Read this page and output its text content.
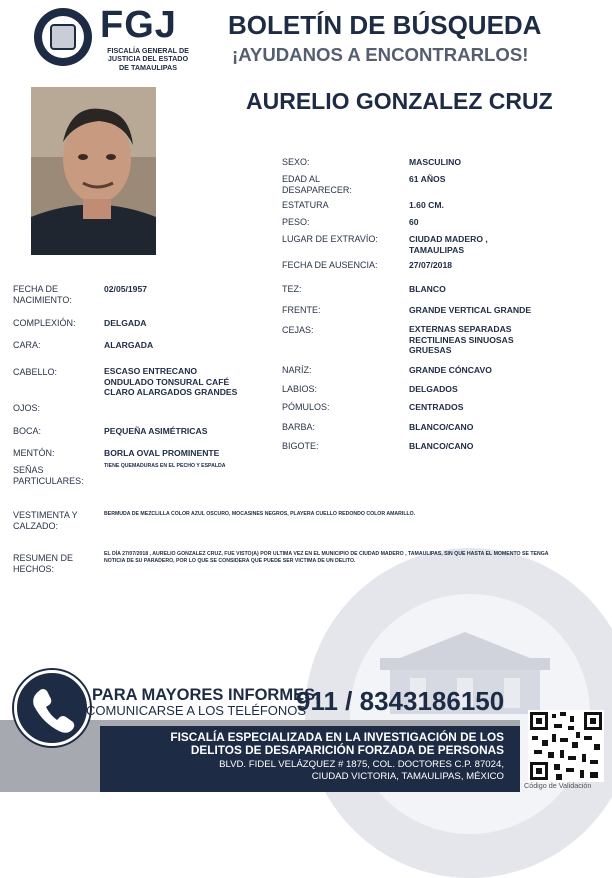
FGJ
FISCALÍA GENERAL DE
JUSTICIA DEL ESTADO
DE TAMAULIPAS
BOLETÍN DE BÚSQUEDA
¡AYUDANOS A ENCONTRARLOS!
AURELIO GONZALEZ CRUZ
SEXO:	MASCULINO
EDAD AL DESAPARECER:
61 AÑOS
ESTATURA	1.60 CM.
PESO:	60
LUGAR DE EXTRAVÍO:	CIUDAD MADERO , TAMAULIPAS
FECHA DE AUSENCIA:	27/07/2018
TEZ:	BLANCO
FRENTE:	GRANDE VERTICAL GRANDE
CEJAS:	EXTERNAS SEPARADAS RECTILINEAS SINUOSAS GRUESAS
NARÍZ:	GRANDE CÓNCAVO
LABIOS:	DELGADOS
PÓMULOS:	CENTRADOS
BARBA:	BLANCO/CANO
BIGOTE:	BLANCO/CANO
FECHA DE NACIMIENTO:
02/05/1957
COMPLEXIÓN:	DELGADA
CARA:	ALARGADA
CABELLO:	ESCASO ENTRECANO ONDULADO TONSURAL CAFÉ CLARO ALARGADOS GRANDES
OJOS:
BOCA:	PEQUEÑA ASIMÉTRICAS
MENTÓN:	BORLA OVAL PROMINENTE
SEÑAS PARTICULARES:
TIENE QUEMADURAS EN EL PECHO Y ESPALDA
VESTIMENTA Y CALZADO:
BERMUDA DE MEZCLILLA COLOR AZUL OSCURO, MOCASINES NEGROS, PLAYERA CUELLO REDONDO COLOR AMARILLO.
RESUMEN DE HECHOS:
EL DÍA 27/07/2018 , AURELIO GONZALEZ CRUZ, FUE VISTO(A) POR ULTIMA VEZ EN EL MUNICIPIO DE CIUDAD MADERO , TAMAULIPAS, SIN QUE HASTA EL MOMENTO SE TENGA NOTICIA DE SU PARADERO, POR LO QUE SE CONSIDERA QUE PUEDE SER VICTIMA DE UN DELITO.
PARA MAYORES INFORMES,
COMUNICARSE A LOS TELÉFONOS
911 / 8343186150
FISCALÍA ESPECIALIZADA EN LA INVESTIGACIÓN DE LOS
DELITOS DE DESAPARICIÓN FORZADA DE PERSONAS
BLVD. FIDEL VELÁZQUEZ # 1875, COL. DOCTORES C.P. 87024,
CIUDAD VICTORIA, TAMAULIPAS, MÉXICO
Código de Validación
